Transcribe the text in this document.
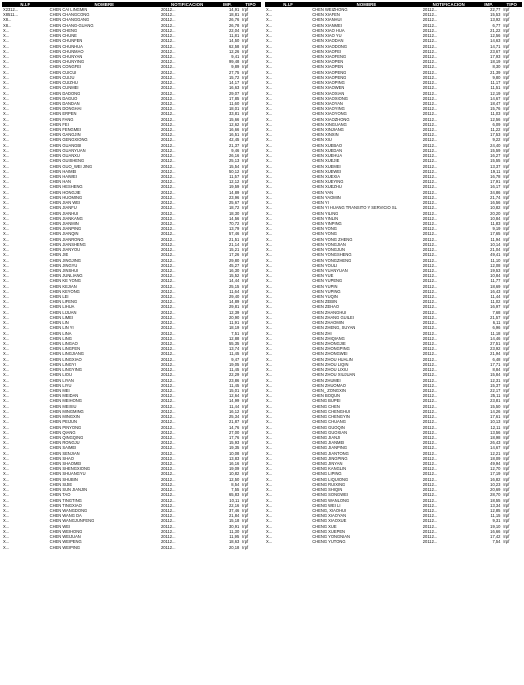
N.I.F	NOMBRE	NOTIFICACION	IMP.	TIPO
X2312...	CHEN CAI LINGMIN	20112...	14,91	Irpf
X8511...	CHEN CHANGCONG	20112...	18,81	Irpf
X8...	CHEN CHANGGANG	20112...	26,76	Irpf
X8...	CHEN CHANG-GUANG	20112...	26,78	Irpf
X...	CHEN CHENG	20112...	22,04	Irpf
X...	CHEN CHUNE	20112...	11,81	Irpf
X...	CHEN CHUNFEN	20112...	14,50	Irpf
X...	CHEN CHUNHUA	20112...	62,58	Irpf
X...	CHEN CHUNMAO	20112...	12,26	Irpf
X...	CHEN CHUNYAN	20112...	9,41	Irpf
X...	CHEN CHUNYING	20112...	99,48	Irpf
X...	CHEN CONGFEI	20112...	9,89	Irpf
X...	CHEN CUICUI	20112...	27,75	Irpf
X...	CHEN CUIJU	20112...	15,72	Irpf
X...	CHEN CUIZHU	20112...	14,17	Irpf
X...	CHEN CUNMEI	20112...	16,63	Irpf
X...	CHEN DADONG	20112...	29,07	Irpf
X...	CHEN DAGUO	20112...	17,85	Irpf
X...	CHEN DANDAN	20112...	11,60	Irpf
X...	CHEN DONGHAI	20112...	18,01	Irpf
X...	CHEN ERPEN	20112...	33,81	Irpf
X...	CHEN FANG	20112...	15,66	Irpf
X...	CHEN FEI	20112...	12,62	Irpf
X...	CHEN FENGMEI	20112...	16,66	Irpf
X...	CHEN GANGJIN	20112...	16,51	Irpf
X...	CHEN GENGXIONG	20112...	42,45	Irpf
X...	CHEN GUANGBI	20112...	21,37	Irpf
X...	CHEN GUANYUAN	20112...	9,46	Irpf
X...	CHEN GUANXU	20112...	26,16	Irpf
X...	CHEN GUISHENG	20112...	25,13	Irpf
X...	CHEN GUO_WEI JING	20112...	15,54	Irpf
X...	CHEN HAIMEI	20112...	50,12	Irpf
X...	CHEN HAIWEI	20112...	11,57	Irpf
X...	CHEN HAN	20112...	12,12	Irpf
X...	CHEN HESHENG	20112...	19,59	Irpf
X...	CHEN HONGJIE	20112...	14,89	Irpf
X...	CHEN HUOMING	20112...	23,96	Irpf
X...	CHEN JIAN WEI	20112...	25,67	Irpf
X...	CHEN JIANFU	20112...	18,72	Irpf
X...	CHEN JIANHUI	20112...	18,30	Irpf
X...	CHEN JIANKANG	20112...	14,56	Irpf
X...	CHEN JIANMIN	20112...	70,72	Irpf
X...	CHEN JIANPING	20112...	13,79	Irpf
X...	CHEN JIANQIN	20112...	57,46	Irpf
X...	CHEN JIANRONG	20112...	21,51	Irpf
X...	CHEN JIANSHENG	20112...	21,14	Irpf
X...	CHEN JIANYOU	20112...	15,21	Irpf
X...	CHEN JIE	20112...	17,26	Irpf
X...	CHEN JINGJING	20112...	29,80	Irpf
X...	CHEN JINGYU	20112...	45,27	Irpf
X...	CHEN JINSHUI	20112...	16,30	Irpf
X...	CHEN JUNLIANG	20112...	15,52	Irpf
X...	CHEN KE YONG	20112...	14,44	Irpf
X...	CHEN KEJIAN	20112...	25,15	Irpf
X...	CHEN KEYONG	20112...	11,64	Irpf
X...	CHEN LEI	20112...	29,40	Irpf
X...	CHEN LIFENG	20112...	14,89	Irpf
X...	CHEN LIHUA	20112...	29,81	Irpf
X...	CHEN LIJUAN	20112...	12,39	Irpf
X...	CHEN LIMEI	20112...	20,90	Irpf
X...	CHEN LIN	20112...	11,91	Irpf
X...	CHEN LIN YI	20112...	18,19	Irpf
X...	CHEN LINA	20112...	7,51	Irpf
X...	CHEN LING	20112...	12,88	Irpf
X...	CHEN LINGAO	20112...	55,35	Irpf
X...	CHEN LINGFEN	20112...	13,74	Irpf
X...	CHEN LINGJIANG	20112...	11,45	Irpf
X...	CHEN LINGXIAO	20112...	9,47	Irpf
X...	CHEN LINGYI	20112...	19,05	Irpf
X...	CHEN LINGYING	20112...	11,45	Irpf
X...	CHEN LIOU	20112...	22,29	Irpf
X...	CHEN LIYAN	20112...	23,86	Irpf
X...	CHEN LIYU	20112...	11,45	Irpf
X...	CHEN MEI	20112...	15,01	Irpf
X...	CHEN MEIDAN	20112...	12,64	Irpf
X...	CHEN MEIHONG	20112...	14,99	Irpf
X...	CHEN MEIXIU	20112...	11,44	Irpf
X...	CHEN MINGMING	20112...	16,12	Irpf
X...	CHEN MINGXIN	20112...	25,34	Irpf
X...	CHEN PEIJUN	20112...	21,87	Irpf
X...	CHEN PINYONG	20112...	14,76	Irpf
X...	CHEN QIANG	20112...	27,00	Irpf
X...	CHEN QINGQING	20112...	17,76	Irpf
X...	CHEN RONGJU	20112...	15,93	Irpf
X...	CHEN SAIMEI	20112...	19,35	Irpf
X...	CHEN SENJIAN	20112...	10,08	Irpf
X...	CHEN SHAO	20112...	13,83	Irpf
X...	CHEN SHAOMEI	20112...	16,16	Irpf
X...	CHEN SHENGXIONG	20112...	19,09	Irpf
X...	CHEN SHUANGYU	20112...	10,82	Irpf
X...	CHEN SHUBIN	20112...	12,50	Irpf
X...	CHEN SIJIE	20112...	8,54	Irpf
X...	CHEN SUN JIANJIN	20112...	7,55	Irpf
X...	CHEN TAO	20112...	65,83	Irpf
X...	CHEN TINGTING	20112...	10,11	Irpf
X...	CHEN TINGXIAO	20112...	22,16	Irpf
X...	CHEN WANGDONG	20112...	37,46	Irpf
X...	CHEN WANG DA	20112...	21,84	Irpf
X...	CHEN WANGJUNFENG	20112...	15,18	Irpf
X...	CHEN WEI	20112...	30,91	Irpf
X...	CHEN WEIHONG	20112...	11,30	Irpf
X...	CHEN WEIJUAN	20112...	11,95	Irpf
X...	CHEN WEIPENG	20112...	18,63	Irpf
X...	CHEN WEIPING	20112...	20,18	Irpf
N.I.F	NOMBRE	NOTIFICACION	IMP.	TIPO
X...	CHEN WEIZHONG	20112...	22,77	Irpf
X...	CHEN XIAFEN	20112...	15,53	Irpf
X...	CHEN XIANHUI	20112...	13,92	Irpf
X...	CHEN XIANMEI	20112...	6,77	Irpf
X...	CHEN XIAO HUA	20112...	21,22	Irpf
X...	CHEN XIAO YU	20112...	12,56	Irpf
X...	CHEN XIAODAN	20112...	14,63	Irpf
X...	CHEN XIAODONG	20112...	14,71	Irpf
X...	CHEN XIAOFEI	20112...	23,67	Irpf
X...	CHEN XIAOFENG	20112...	17,93	Irpf
X...	CHEN XIAOPEN	20112...	18,19	Irpf
X...	CHEN XIAOPEN	20112...	8,30	Irpf
X...	CHEN XIAOPENG	20112...	21,39	Irpf
X...	CHEN XIAOPENG	20112...	9,80	Irpf
X...	CHEN XIAOPING	20112...	11,17	Irpf
X...	CHEN XIAOWEN	20112...	11,51	Irpf
X...	CHEN XIAOXIAN	20112...	12,19	Irpf
X...	CHEN XIAOXIONG	20112...	14,67	Irpf
X...	CHEN XIAOYAN	20112...	18,47	Irpf
X...	CHEN XIAOYING	20112...	15,76	Irpf
X...	CHEN XIAOYONG	20112...	11,03	Irpf
X...	CHEN XIAOZHONG	20112...	12,56	Irpf
X...	CHEN XINGUANG	20112...	6,09	Irpf
X...	CHEN XINJIANG	20112...	11,22	Irpf
X...	CHEN XINXIN	20112...	17,53	Irpf
X...	CHEN XIU	20112...	9,22	Irpf
X...	CHEN XUEBAO	20112...	24,40	Irpf
X...	CHEN XUEDAN	20112...	15,59	Irpf
X...	CHEN XUEHUA	20112...	16,27	Irpf
X...	CHEN XUEJIE	20112...	15,55	Irpf
X...	CHEN XUEMEI	20112...	13,37	Irpf
X...	CHEN XUEWEI	20112...	19,11	Irpf
X...	CHEN XUEXIA	20112...	16,78	Irpf
X...	CHEN XUEYING	20112...	17,91	Irpf
X...	CHEN XUEZHU	20112...	16,17	Irpf
X...	CHEN YAN	20112...	34,86	Irpf
X...	CHEN YAOMIN	20112...	21,74	Irpf
X...	CHEN YI	20112...	16,56	Irpf
X...	CHEN YI HUANG TRANSITO Y SERVICIO SL	20112...	10,82	Irpf
X...	CHEN YILING	20112...	20,20	Irpf
X...	CHEN YINLIN	20112...	10,84	Irpf
X...	CHEN YINPING	20112...	11,83	Irpf
X...	CHEN YONG	20112...	9,19	Irpf
X...	CHEN YONG	20112...	17,65	Irpf
X...	CHEN YONG ZHENG	20112...	11,94	Irpf
X...	CHEN YONGJIAN	20112...	10,14	Irpf
X...	CHEN YONGJUN	20112...	21,04	Irpf
X...	CHEN YONGSHENG	20112...	49,41	Irpf
X...	CHEN YONGZHENG	20112...	11,10	Irpf
X...	CHEN YOULI	20112...	12,08	Irpf
X...	CHEN YUANYUAN	20112...	19,53	Irpf
X...	CHEN YUE	20112...	10,84	Irpf
X...	CHEN YUPENG	20112...	11,77	Irpf
X...	CHEN YUPIN	20112...	18,69	Irpf
X...	CHEN YUPING	20112...	16,43	Irpf
X...	CHEN YUQIN	20112...	11,44	Irpf
X...	CHEN ZEBIN	20112...	11,02	Irpf
X...	CHEN ZEHAO	20112...	16,97	Irpf
X...	CHEN ZHANGHUI	20112...	7,68	Irpf
X...	CHEN ZHANG GUILEI	20112...	21,57	Irpf
X...	CHEN ZHAOMIN	20112...	6,11	Irpf
X...	CHEN ZHENG, SUYAN	20112...	6,96	Irpf
X...	CHEN ZHI	20112...	11,18	Irpf
X...	CHEN ZHIQIANG	20112...	14,46	Irpf
X...	CHEN ZHONGJIE	20112...	27,51	Irpf
X...	CHEN ZHONGPING	20112...	23,92	Irpf
X...	CHEN ZHONGWEI	20112...	21,94	Irpf
X...	CHEN ZHOU HUALIN	20112...	6,48	Irpf
X...	CHEN ZHOU LIQIN	20112...	17,71	Irpf
X...	CHEN ZHOU LIXIU	20112...	8,84	Irpf
X...	CHEN ZHOU XIUJUAN	20112...	15,84	Irpf
X...	CHEN ZHUMEI	20112...	12,31	Irpf
X...	CHEN ZHUOMAO	20112...	15,37	Irpf
X...	CHEN_ ZONGXIN	20112...	22,17	Irpf
X...	CHEN BOQUN	20112...	25,11	Irpf
X...	CHENG BUPEI	20112...	23,81	Irpf
X...	CHENG CHEN	20112...	15,50	Irpf
X...	CHENG CHENGHUI	20112...	14,26	Irpf
X...	CHENG CHENGYIN	20112...	17,61	Irpf
X...	CHENG CHUANG	20112...	10,13	Irpf
X...	CHENG GUOQIN	20112...	12,11	Irpf
X...	CHENG GUOXIAN	20112...	13,56	Irpf
X...	CHENG JIANJI	20112...	18,98	Irpf
X...	CHENG JIANMEI	20112...	26,43	Irpf
X...	CHENG JIANPING	20112...	14,67	Irpf
X...	CHENG JIANTONG	20112...	12,21	Irpf
X...	CHENG JINGPING	20112...	18,09	Irpf
X...	CHENG JINYAN	20112...	49,94	Irpf
X...	CHENG KANGLIN	20112...	12,70	Irpf
X...	CHENG LIPING	20112...	17,19	Irpf
X...	CHENG LIQUIONG	20112...	16,82	Irpf
X...	CHENG RUIXING	20112...	10,23	Irpf
X...	CHENG SHIQIN	20112...	20,69	Irpf
X...	CHENG SONGWEI	20112...	28,70	Irpf
X...	CHENG WANLONG	20112...	18,55	Irpf
X...	CHENG WEI LI	20112...	13,34	Irpf
X...	CHENG, XIAOHUI	20112...	12,85	Irpf
X...	CHENG XIAOYAN	20112...	11,15	Irpf
X...	CHENG XIAOXUE	20112...	9,31	Irpf
X...	CHENG XUE	20112...	19,10	Irpf
X...	CHENG XUEPEN	20112...	16,66	Irpf
X...	CHENG YONGNIAN	20112...	17,42	Irpf
X...	CHENG YUTONG	20112...	7,54	Irpf
